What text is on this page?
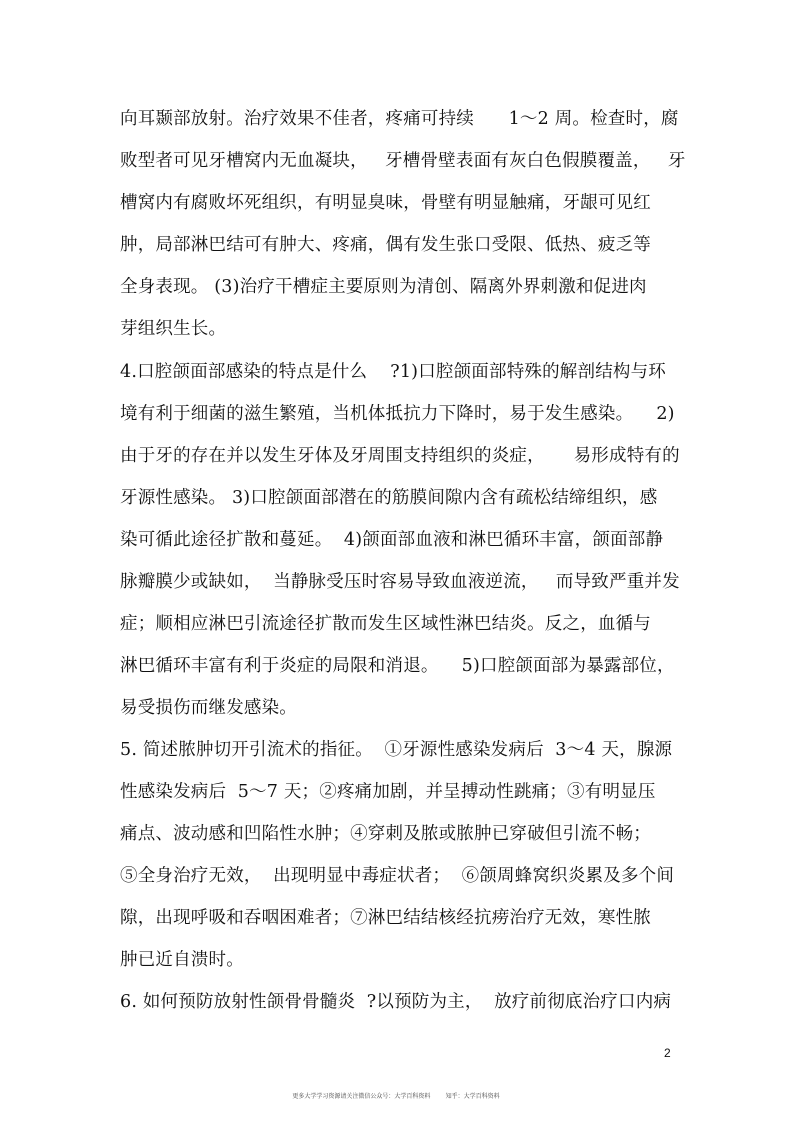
向耳颞部放射。治疗效果不佳者，疼痛可持续      1～2 周。检查时，腐
败型者可见牙槽窝内无血凝块，   牙槽骨壁表面有灰白色假膜覆盖，   牙
槽窝内有腐败坏死组织，有明显臭味，骨壁有明显触痛，牙龈可见红
肿，局部淋巴结可有肿大、疼痛，偶有发生张口受限、低热、疲乏等
全身表现。 (3)治疗干槽症主要原则为清创、隔离外界刺激和促进肉
芽组织生长。
4.口腔颌面部感染的特点是什么    ?1)口腔颌面部特殊的解剖结构与环
境有利于细菌的滋生繁殖，当机体抵抗力下降时，易于发生感染。    2)
由于牙的存在并以发生牙体及牙周围支持组织的炎症，     易形成特有的
牙源性感染。 3)口腔颌面部潜在的筋膜间隙内含有疏松结缔组织，感
染可循此途径扩散和蔓延。  4)颌面部血液和淋巴循环丰富，颌面部静
脉瓣膜少或缺如，  当静脉受压时容易导致血液逆流，   而导致严重并发
症；顺相应淋巴引流途径扩散而发生区域性淋巴结炎。反之，血循与
淋巴循环丰富有利于炎症的局限和消退。    5)口腔颌面部为暴露部位，
易受损伤而继发感染。
5. 简述脓肿切开引流术的指征。  ①牙源性感染发病后  3～4 天，腺源
性感染发病后  5～7 天；②疼痛加剧，并呈搏动性跳痛；③有明显压
痛点、波动感和凹陷性水肿；④穿刺及脓或脓肿已穿破但引流不畅；
⑤全身治疗无效，  出现明显中毒症状者；  ⑥颌周蜂窝织炎累及多个间
隙，出现呼吸和吞咽困难者；⑦淋巴结结核经抗痨治疗无效，寒性脓
肿已近自溃时。
6. 如何预防放射性颌骨骨髓炎  ?以预防为主，  放疗前彻底治疗口内病
2
更多大学学习资源请关注微信公众号：大学百科资料        知乎：大学百科资料
